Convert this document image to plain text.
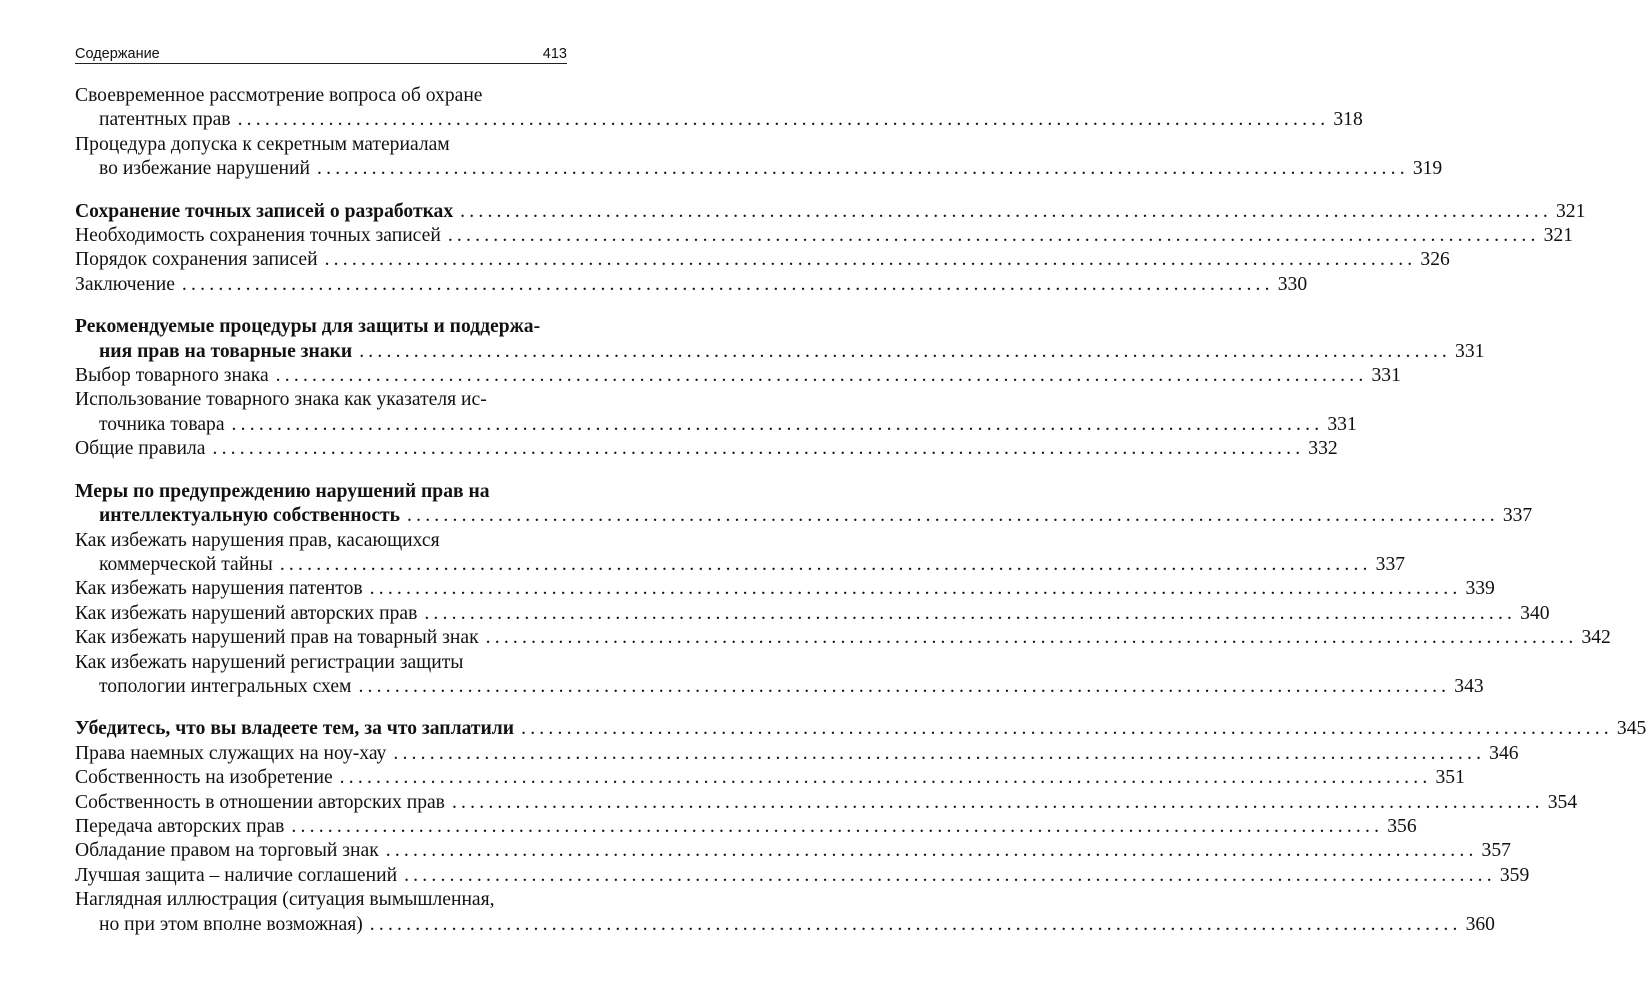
Содержание	413
Своевременное рассмотрение вопроса об охране
патентных прав ........................................................................................................................ 318
Процедура допуска к секретным материалам
во избежание нарушений ........................................................................................................................ 319
Сохранение точных записей о разработках ........................................................................................................................ 321
Необходимость сохранения точных записей ........................................................................................................................ 321
Порядок сохранения записей ........................................................................................................................ 326
Заключение ........................................................................................................................ 330
Рекомендуемые процедуры для защиты и поддержа-
ния прав на товарные знаки ........................................................................................................................ 331
Выбор товарного знака ........................................................................................................................ 331
Использование товарного знака как указателя ис-
точника товара ........................................................................................................................ 331
Общие правила ........................................................................................................................ 332
Меры по предупреждению нарушений прав на
интеллектуальную собственность ........................................................................................................................ 337
Как избежать нарушения прав, касающихся
коммерческой тайны ........................................................................................................................ 337
Как избежать нарушения патентов ........................................................................................................................ 339
Как избежать нарушений авторских прав ........................................................................................................................ 340
Как избежать нарушений прав на товарный знак ........................................................................................................................ 342
Как избежать нарушений регистрации защиты
топологии интегральных схем ........................................................................................................................ 343
Убедитесь, что вы владеете тем, за что заплатили ........................................................................................................................ 345
Права наемных служащих на ноу-хау ........................................................................................................................ 346
Собственность на изобретение ........................................................................................................................ 351
Собственность в отношении авторских прав ........................................................................................................................ 354
Передача авторских прав ........................................................................................................................ 356
Обладание правом на торговый знак ........................................................................................................................ 357
Лучшая защита – наличие соглашений ........................................................................................................................ 359
Наглядная иллюстрация (ситуация вымышленная,
но при этом вполне возможная) ........................................................................................................................ 360
